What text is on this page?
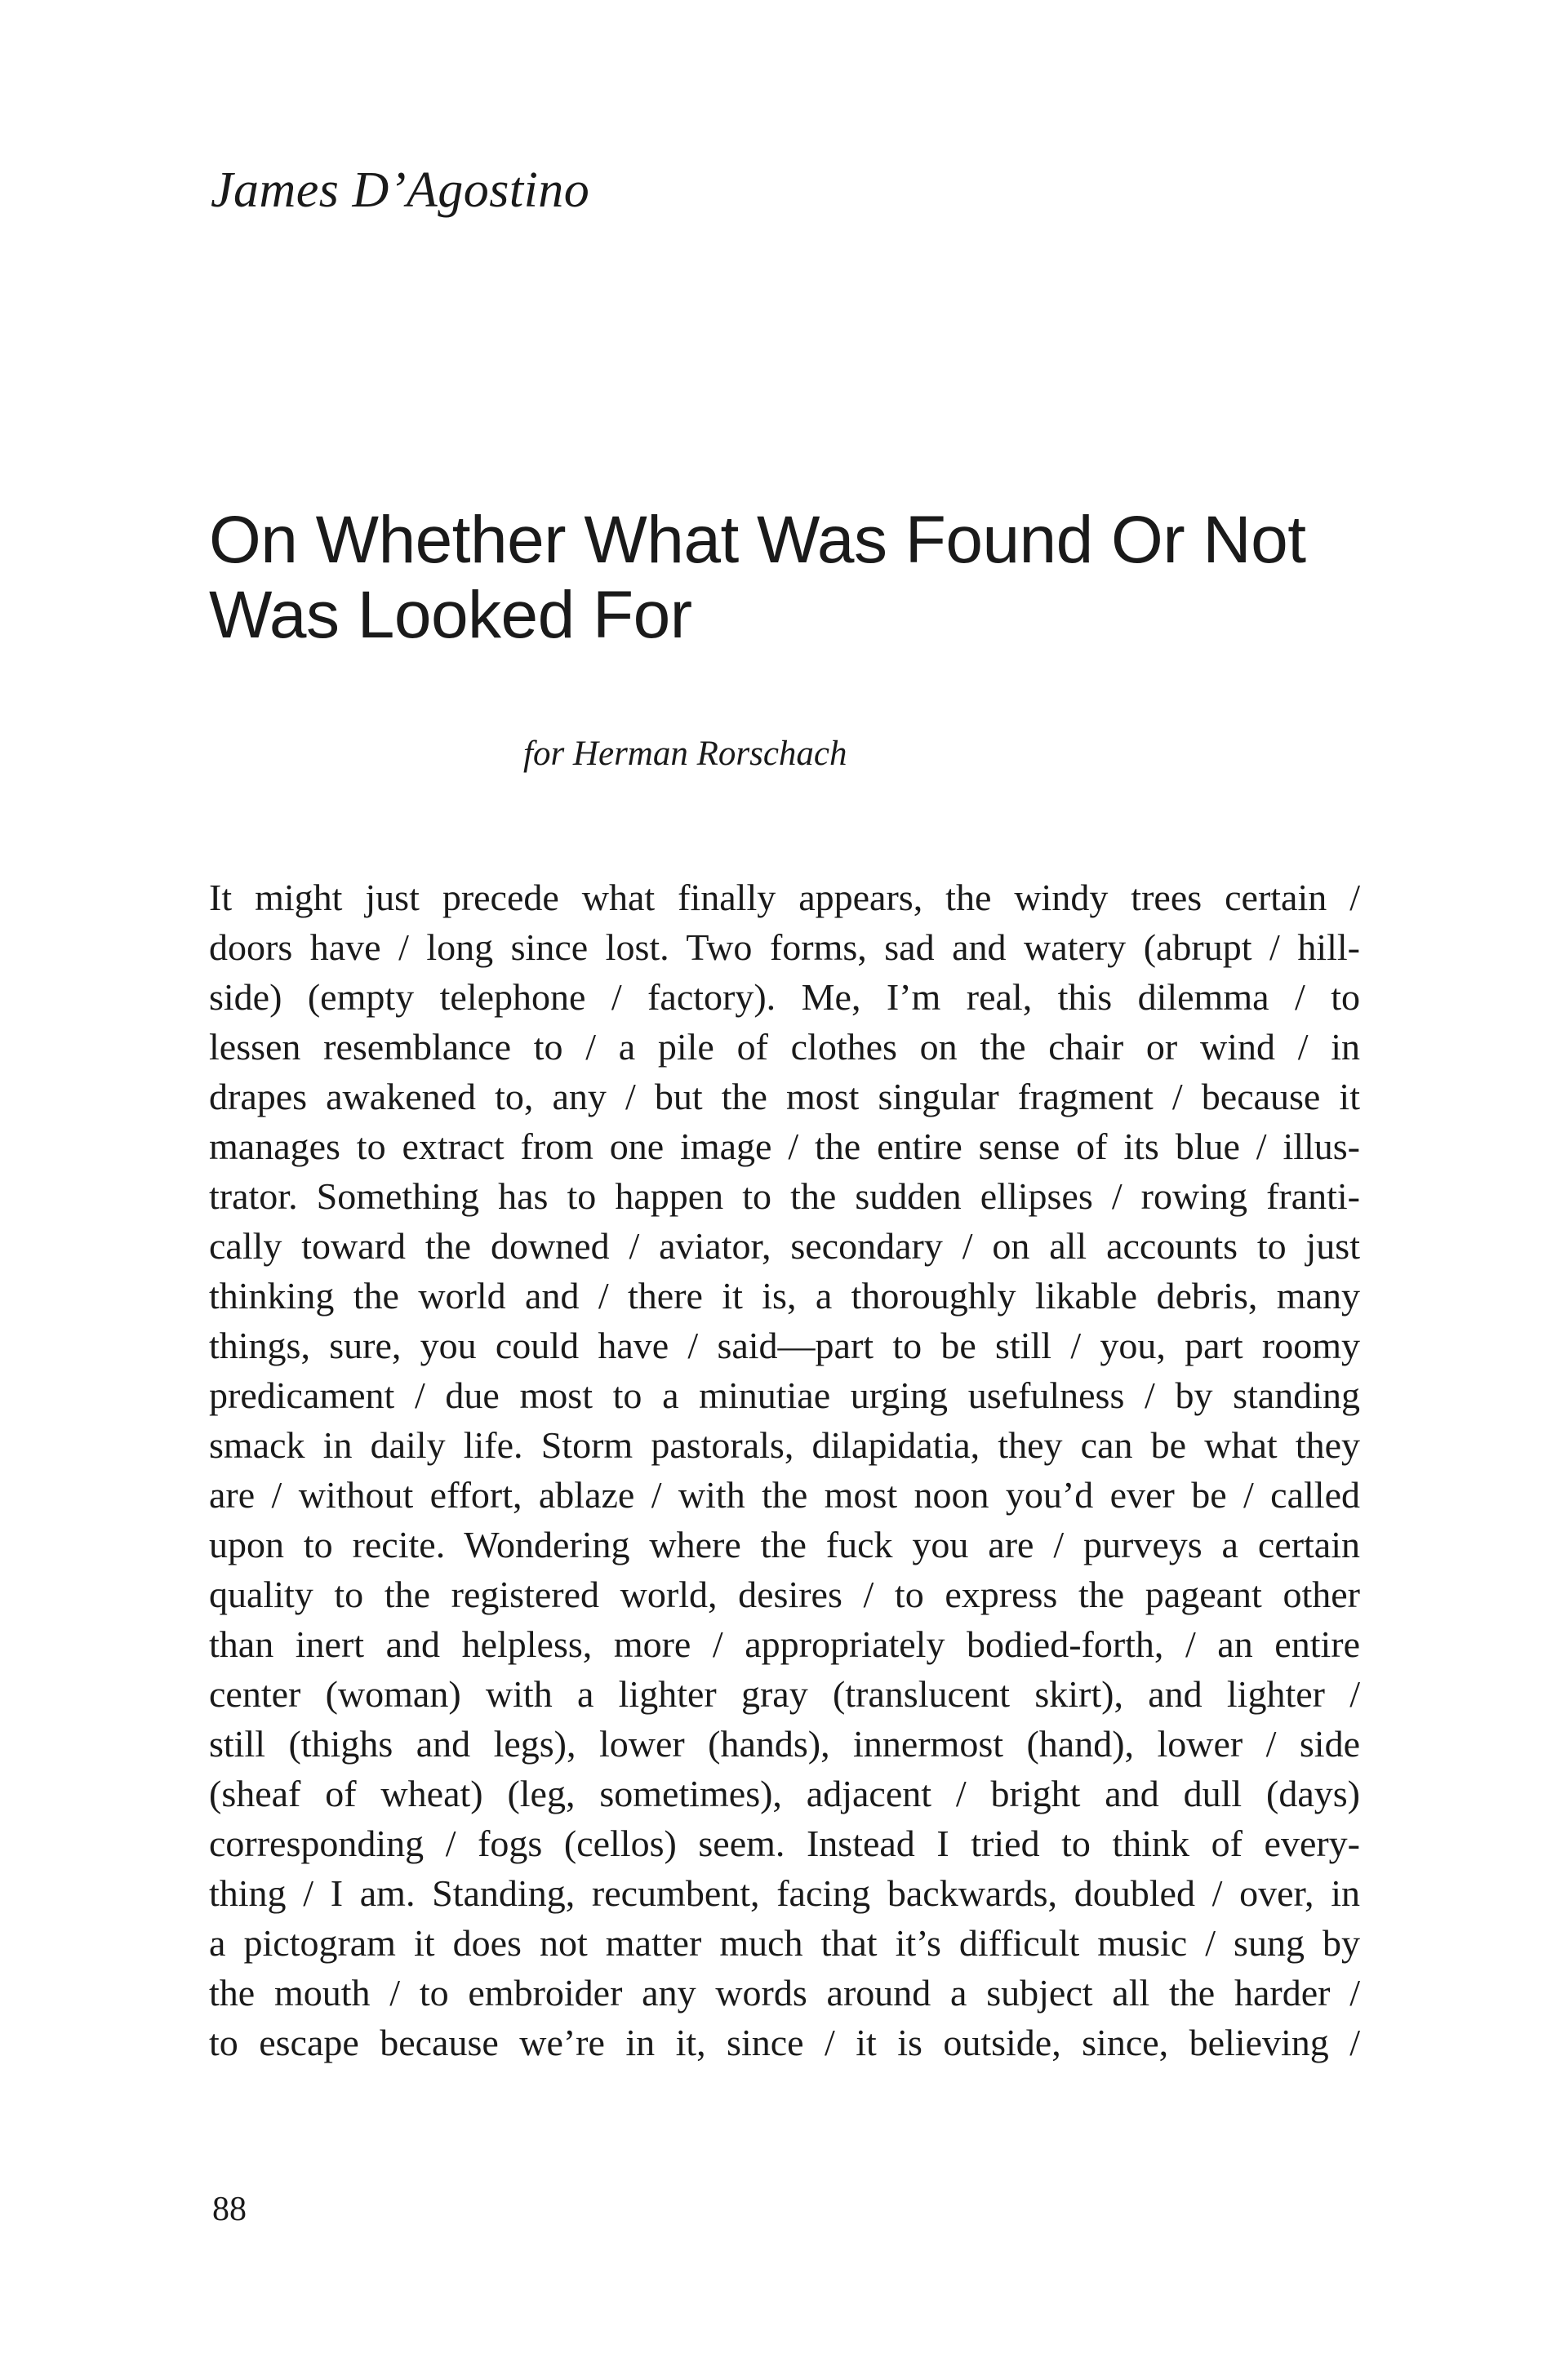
James D’Agostino
On Whether What Was Found Or Not
Was Looked For
for Herman Rorschach
It might just precede what finally appears, the windy trees certain /
doors have / long since lost. Two forms, sad and watery (abrupt / hill-
side) (empty telephone / factory). Me, I’m real, this dilemma / to
lessen resemblance to / a pile of clothes on the chair or wind / in
drapes awakened to, any / but the most singular fragment / because it
manages to extract from one image / the entire sense of its blue / illus-
trator. Something has to happen to the sudden ellipses / rowing franti-
cally toward the downed / aviator, secondary / on all accounts to just
thinking the world and / there it is, a thoroughly likable debris, many
things, sure, you could have / said—part to be still / you, part roomy
predicament / due most to a minutiae urging usefulness / by standing
smack in daily life. Storm pastorals, dilapidatia, they can be what they
are / without effort, ablaze / with the most noon you’d ever be / called
upon to recite. Wondering where the fuck you are / purveys a certain
quality to the registered world, desires / to express the pageant other
than inert and helpless, more / appropriately bodied-forth, / an entire
center (woman) with a lighter gray (translucent skirt), and lighter /
still (thighs and legs), lower (hands), innermost (hand), lower / side
(sheaf of wheat) (leg, sometimes), adjacent / bright and dull (days)
corresponding / fogs (cellos) seem. Instead I tried to think of every-
thing / I am. Standing, recumbent, facing backwards, doubled / over, in
a pictogram it does not matter much that it’s difficult music / sung by
the mouth / to embroider any words around a subject all the harder /
to escape because we’re in it, since / it is outside, since, believing /
88
